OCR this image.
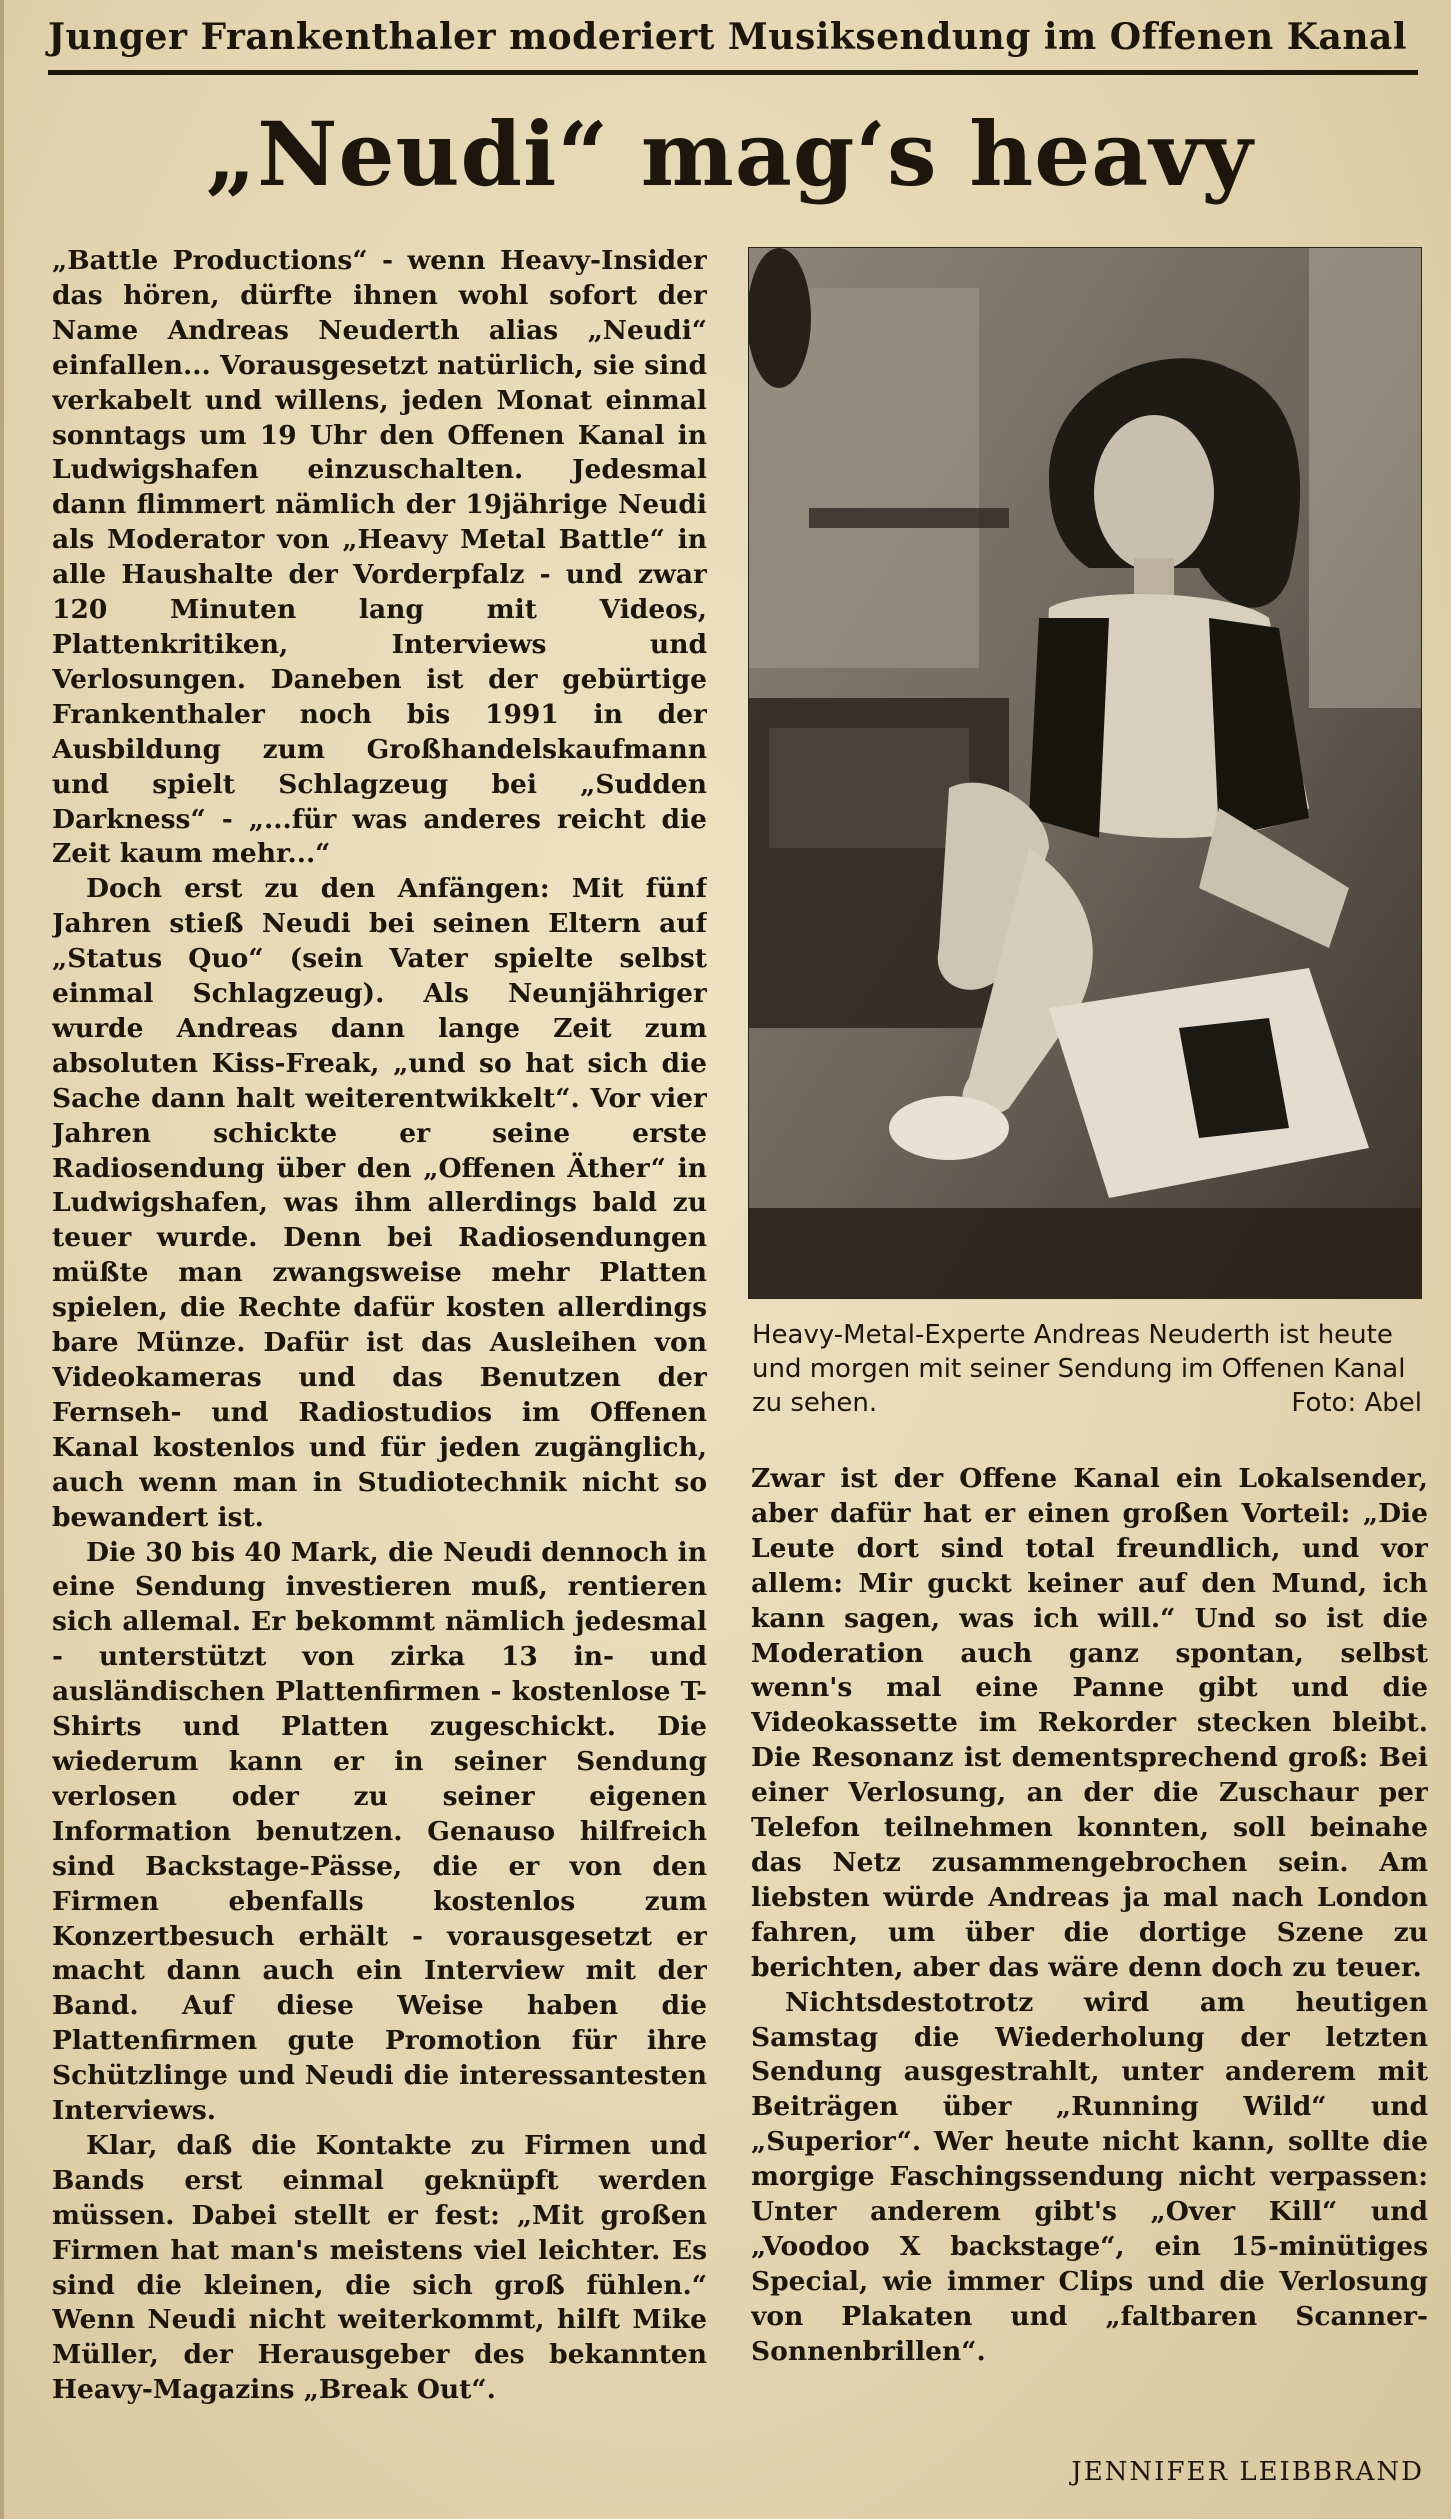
Junger Frankenthaler moderiert Musiksendung im Offenen Kanal
„Neudi“ mag‘s heavy

„Battle Productions“ - wenn Heavy-Insider das hören, dürfte ihnen wohl sofort der Name Andreas Neuderth alias „Neudi“ einfallen... Vorausgesetzt natürlich, sie sind verkabelt und willens, jeden Monat einmal sonntags um 19 Uhr den Offenen Kanal in Ludwigshafen einzuschalten. Jedesmal dann flimmert nämlich der 19jährige Neudi als Moderator von „Heavy Metal Battle“ in alle Haushalte der Vorderpfalz - und zwar 120 Minuten lang mit Videos, Plattenkritiken, Interviews und Verlosungen. Daneben ist der gebürtige Frankenthaler noch bis 1991 in der Ausbildung zum Großhandelskaufmann und spielt Schlagzeug bei „Sudden Darkness“ - „...für was anderes reicht die Zeit kaum mehr...“

Doch erst zu den Anfängen: Mit fünf Jahren stieß Neudi bei seinen Eltern auf „Status Quo“ (sein Vater spielte selbst einmal Schlagzeug). Als Neunjähriger wurde Andreas dann lange Zeit zum absoluten Kiss-Freak, „und so hat sich die Sache dann halt weiterentwikkelt“. Vor vier Jahren schickte er seine erste Radiosendung über den „Offenen Äther“ in Ludwigshafen, was ihm allerdings bald zu teuer wurde. Denn bei Radiosendungen müßte man zwangsweise mehr Platten spielen, die Rechte dafür kosten allerdings bare Münze. Dafür ist das Ausleihen von Videokameras und das Benutzen der Fernseh- und Radiostudios im Offenen Kanal kostenlos und für jeden zugänglich, auch wenn man in Studiotechnik nicht so bewandert ist.

Die 30 bis 40 Mark, die Neudi dennoch in eine Sendung investieren muß, rentieren sich allemal. Er bekommt nämlich jedesmal - unterstützt von zirka 13 in- und ausländischen Plattenfirmen - kostenlose T-Shirts und Platten zugeschickt. Die wiederum kann er in seiner Sendung verlosen oder zu seiner eigenen Information benutzen. Genauso hilfreich sind Backstage-Pässe, die er von den Firmen ebenfalls kostenlos zum Konzertbesuch erhält - vorausgesetzt er macht dann auch ein Interview mit der Band. Auf diese Weise haben die Plattenfirmen gute Promotion für ihre Schützlinge und Neudi die interessantesten Interviews.

Klar, daß die Kontakte zu Firmen und Bands erst einmal geknüpft werden müssen. Dabei stellt er fest: „Mit großen Firmen hat man's meistens viel leichter. Es sind die kleinen, die sich groß fühlen.“ Wenn Neudi nicht weiterkommt, hilft Mike Müller, der Herausgeber des bekannten Heavy-Magazins „Break Out“.

Heavy-Metal-Experte Andreas Neuderth ist heute und morgen mit seiner Sendung im Offenen Kanal zu sehen.	Foto: Abel

Zwar ist der Offene Kanal ein Lokalsender, aber dafür hat er einen großen Vorteil: „Die Leute dort sind total freundlich, und vor allem: Mir guckt keiner auf den Mund, ich kann sagen, was ich will.“ Und so ist die Moderation auch ganz spontan, selbst wenn's mal eine Panne gibt und die Videokassette im Rekorder stecken bleibt. Die Resonanz ist dementsprechend groß: Bei einer Verlosung, an der die Zuschaur per Telefon teilnehmen konnten, soll beinahe das Netz zusammengebrochen sein. Am liebsten würde Andreas ja mal nach London fahren, um über die dortige Szene zu berichten, aber das wäre denn doch zu teuer.

Nichtsdestotrotz wird am heutigen Samstag die Wiederholung der letzten Sendung ausgestrahlt, unter anderem mit Beiträgen über „Running Wild“ und „Superior“. Wer heute nicht kann, sollte die morgige Faschingssendung nicht verpassen: Unter anderem gibt's „Over Kill“ und „Voodoo X backstage“, ein 15-minütiges Special, wie immer Clips und die Verlosung von Plakaten und „faltbaren Scanner-Sonnenbrillen“.

JENNIFER LEIBBRAND
